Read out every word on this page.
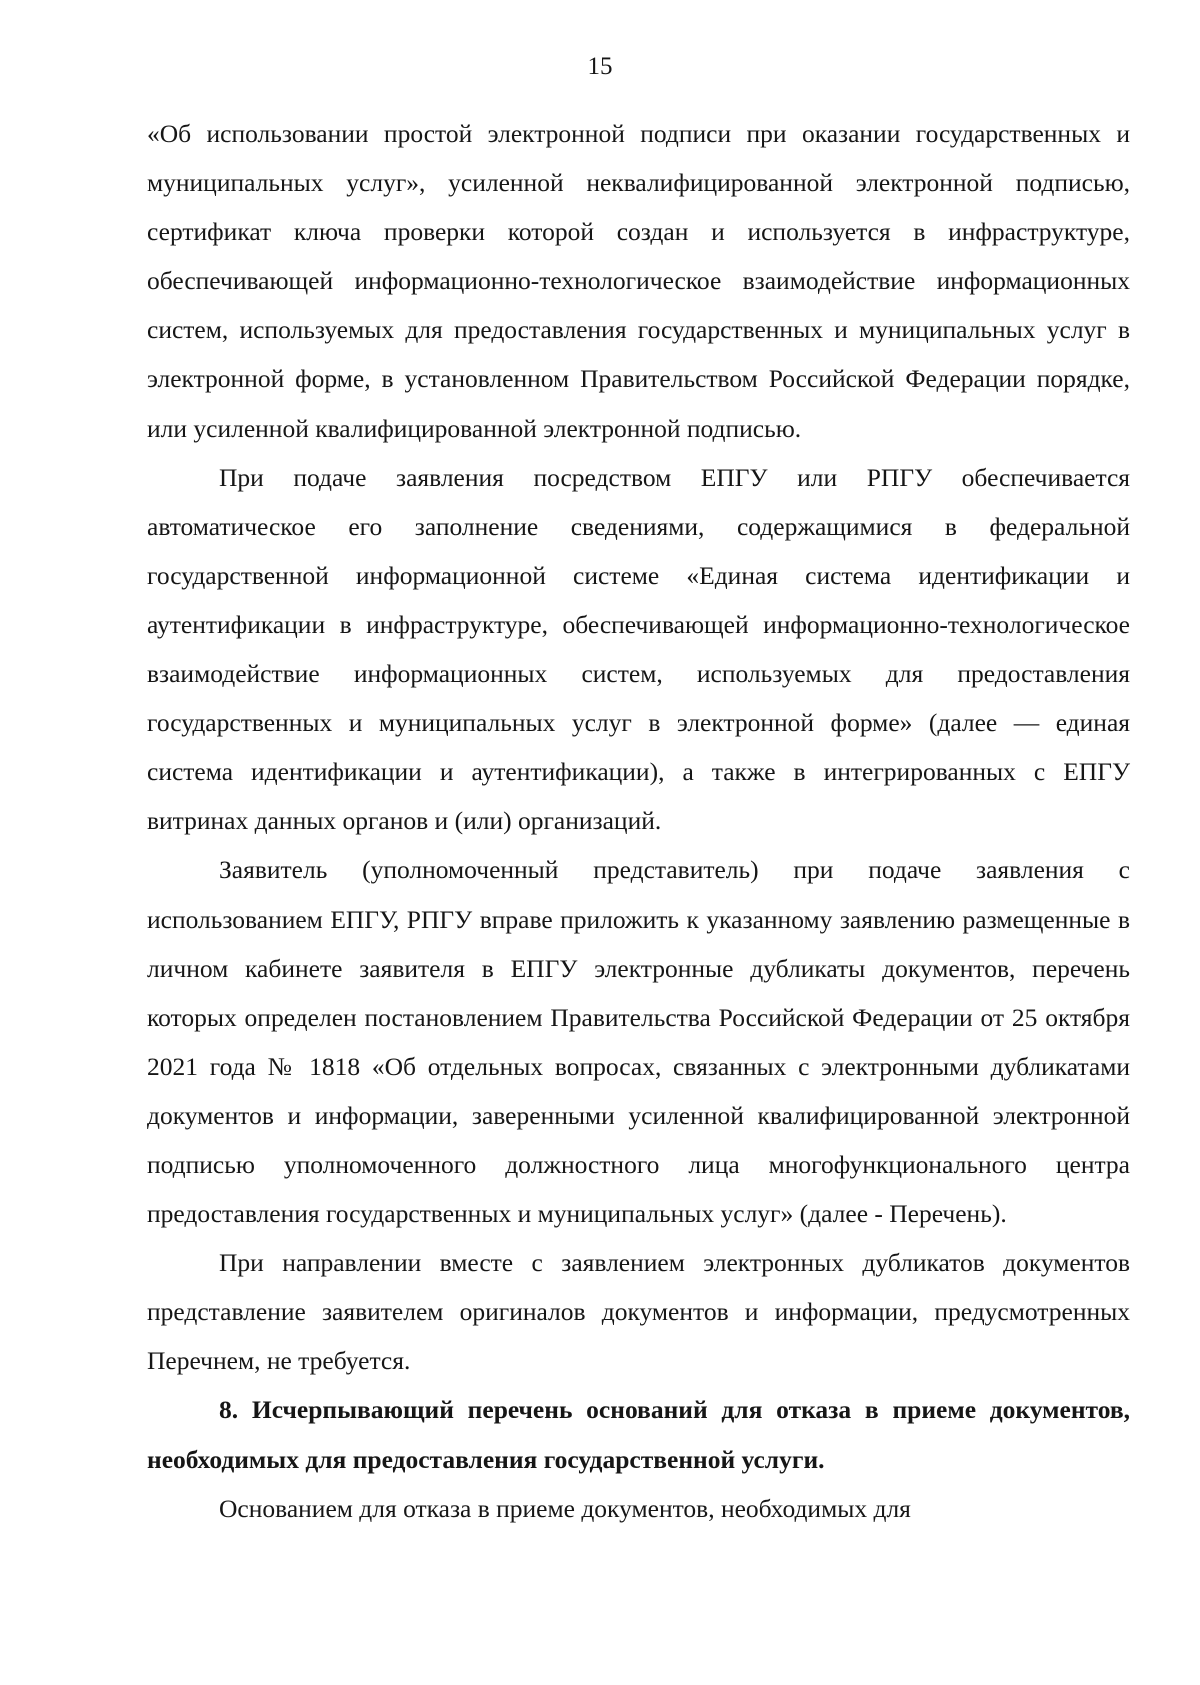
15

«Об использовании простой электронной подписи при оказании государственных и муниципальных услуг», усиленной неквалифицированной электронной подписью, сертификат ключа проверки которой создан и используется в инфраструктуре, обеспечивающей информационно-технологическое взаимодействие информационных систем, используемых для предоставления государственных и муниципальных услуг в электронной форме, в установленном Правительством Российской Федерации порядке, или усиленной квалифицированной электронной подписью.

При подаче заявления посредством ЕПГУ или РПГУ обеспечивается автоматическое его заполнение сведениями, содержащимися в федеральной государственной информационной системе «Единая система идентификации и аутентификации в инфраструктуре, обеспечивающей информационно-технологическое взаимодействие информационных систем, используемых для предоставления государственных и муниципальных услуг в электронной форме» (далее — единая система идентификации и аутентификации), а также в интегрированных с ЕПГУ витринах данных органов и (или) организаций.

Заявитель (уполномоченный представитель) при подаче заявления с использованием ЕПГУ, РПГУ вправе приложить к указанному заявлению размещенные в личном кабинете заявителя в ЕПГУ электронные дубликаты документов, перечень которых определен постановлением Правительства Российской Федерации от 25 октября 2021 года № 1818 «Об отдельных вопросах, связанных с электронными дубликатами документов и информации, заверенными усиленной квалифицированной электронной подписью уполномоченного должностного лица многофункционального центра предоставления государственных и муниципальных услуг» (далее - Перечень).

При направлении вместе с заявлением электронных дубликатов документов представление заявителем оригиналов документов и информации, предусмотренных Перечнем, не требуется.

8. Исчерпывающий перечень оснований для отказа в приеме документов, необходимых для предоставления государственной услуги.

Основанием для отказа в приеме документов, необходимых для
